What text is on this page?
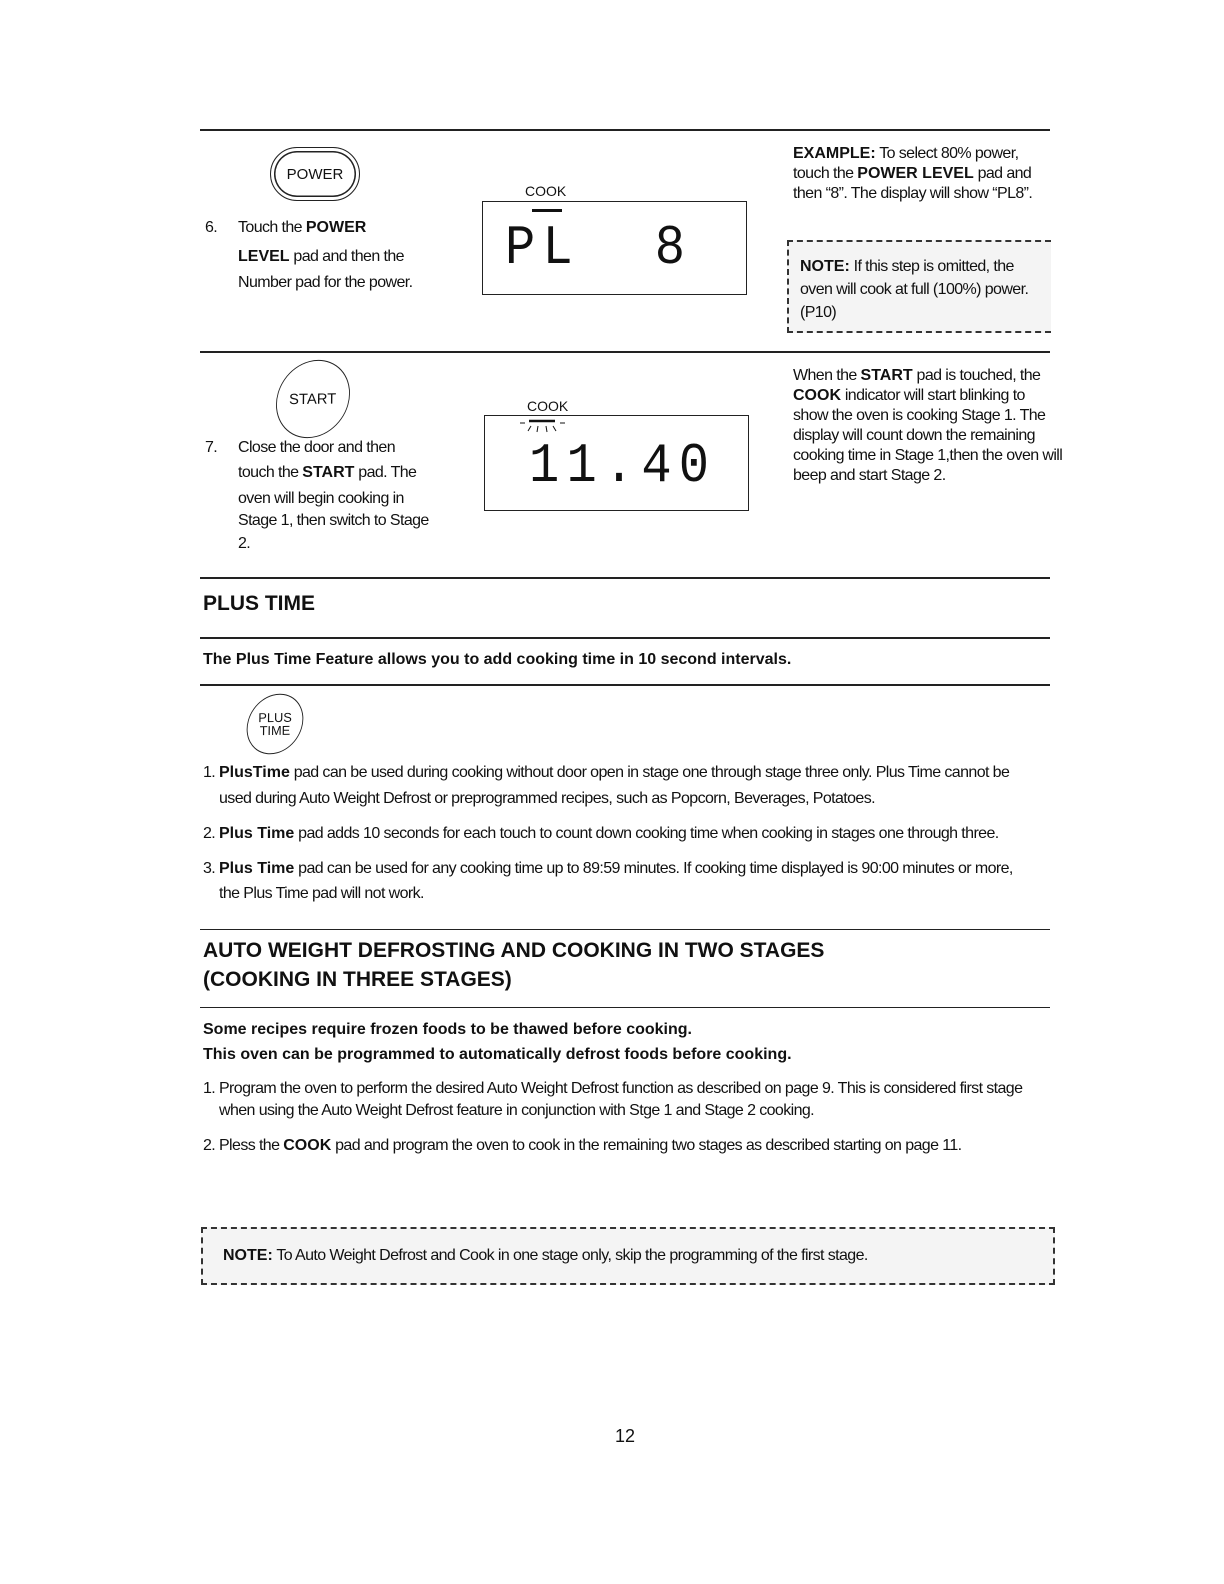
POWER
6. Touch the POWER
LEVEL pad and then the
Number pad for the power.
COOK
PL  8
EXAMPLE: To select 80% power,
touch the POWER LEVEL pad and
then “8”. The display will show “PL8”.
NOTE: If this step is omitted, the
oven will cook at full (100%) power.
(P10)
START
7. Close the door and then
touch the START pad. The
oven will begin cooking in
Stage 1, then switch to Stage
2.
COOK
11.40
When the START pad is touched, the
COOK indicator will start blinking to
show the oven is cooking Stage 1. The
display will count down the remaining
cooking time in Stage 1,then the oven will
beep and start Stage 2.
PLUS TIME
The Plus Time Feature allows you to add cooking time in 10 second intervals.
PLUS
TIME
1. PlusTime pad can be used during cooking without door open in stage one through stage three only. Plus Time cannot be
used during Auto Weight Defrost or preprogrammed recipes, such as Popcorn, Beverages, Potatoes.
2. Plus Time pad adds 10 seconds for each touch to count down cooking time when cooking in stages one through three.
3. Plus Time pad can be used for any cooking time up to 89:59 minutes. If cooking time displayed is 90:00 minutes or more,
the Plus Time pad will not work.
AUTO WEIGHT DEFROSTING AND COOKING IN TWO STAGES
(COOKING IN THREE STAGES)
Some recipes require frozen foods to be thawed before cooking.
This oven can be programmed to automatically defrost foods before cooking.
1. Program the oven to perform the desired Auto Weight Defrost function as described on page 9. This is considered first stage
when using the Auto Weight Defrost feature in conjunction with Stge 1 and Stage 2 cooking.
2. Pless the COOK pad and program the oven to cook in the remaining two stages as described starting on page 11.
NOTE: To Auto Weight Defrost and Cook in one stage only, skip the programming of the first stage.
12
